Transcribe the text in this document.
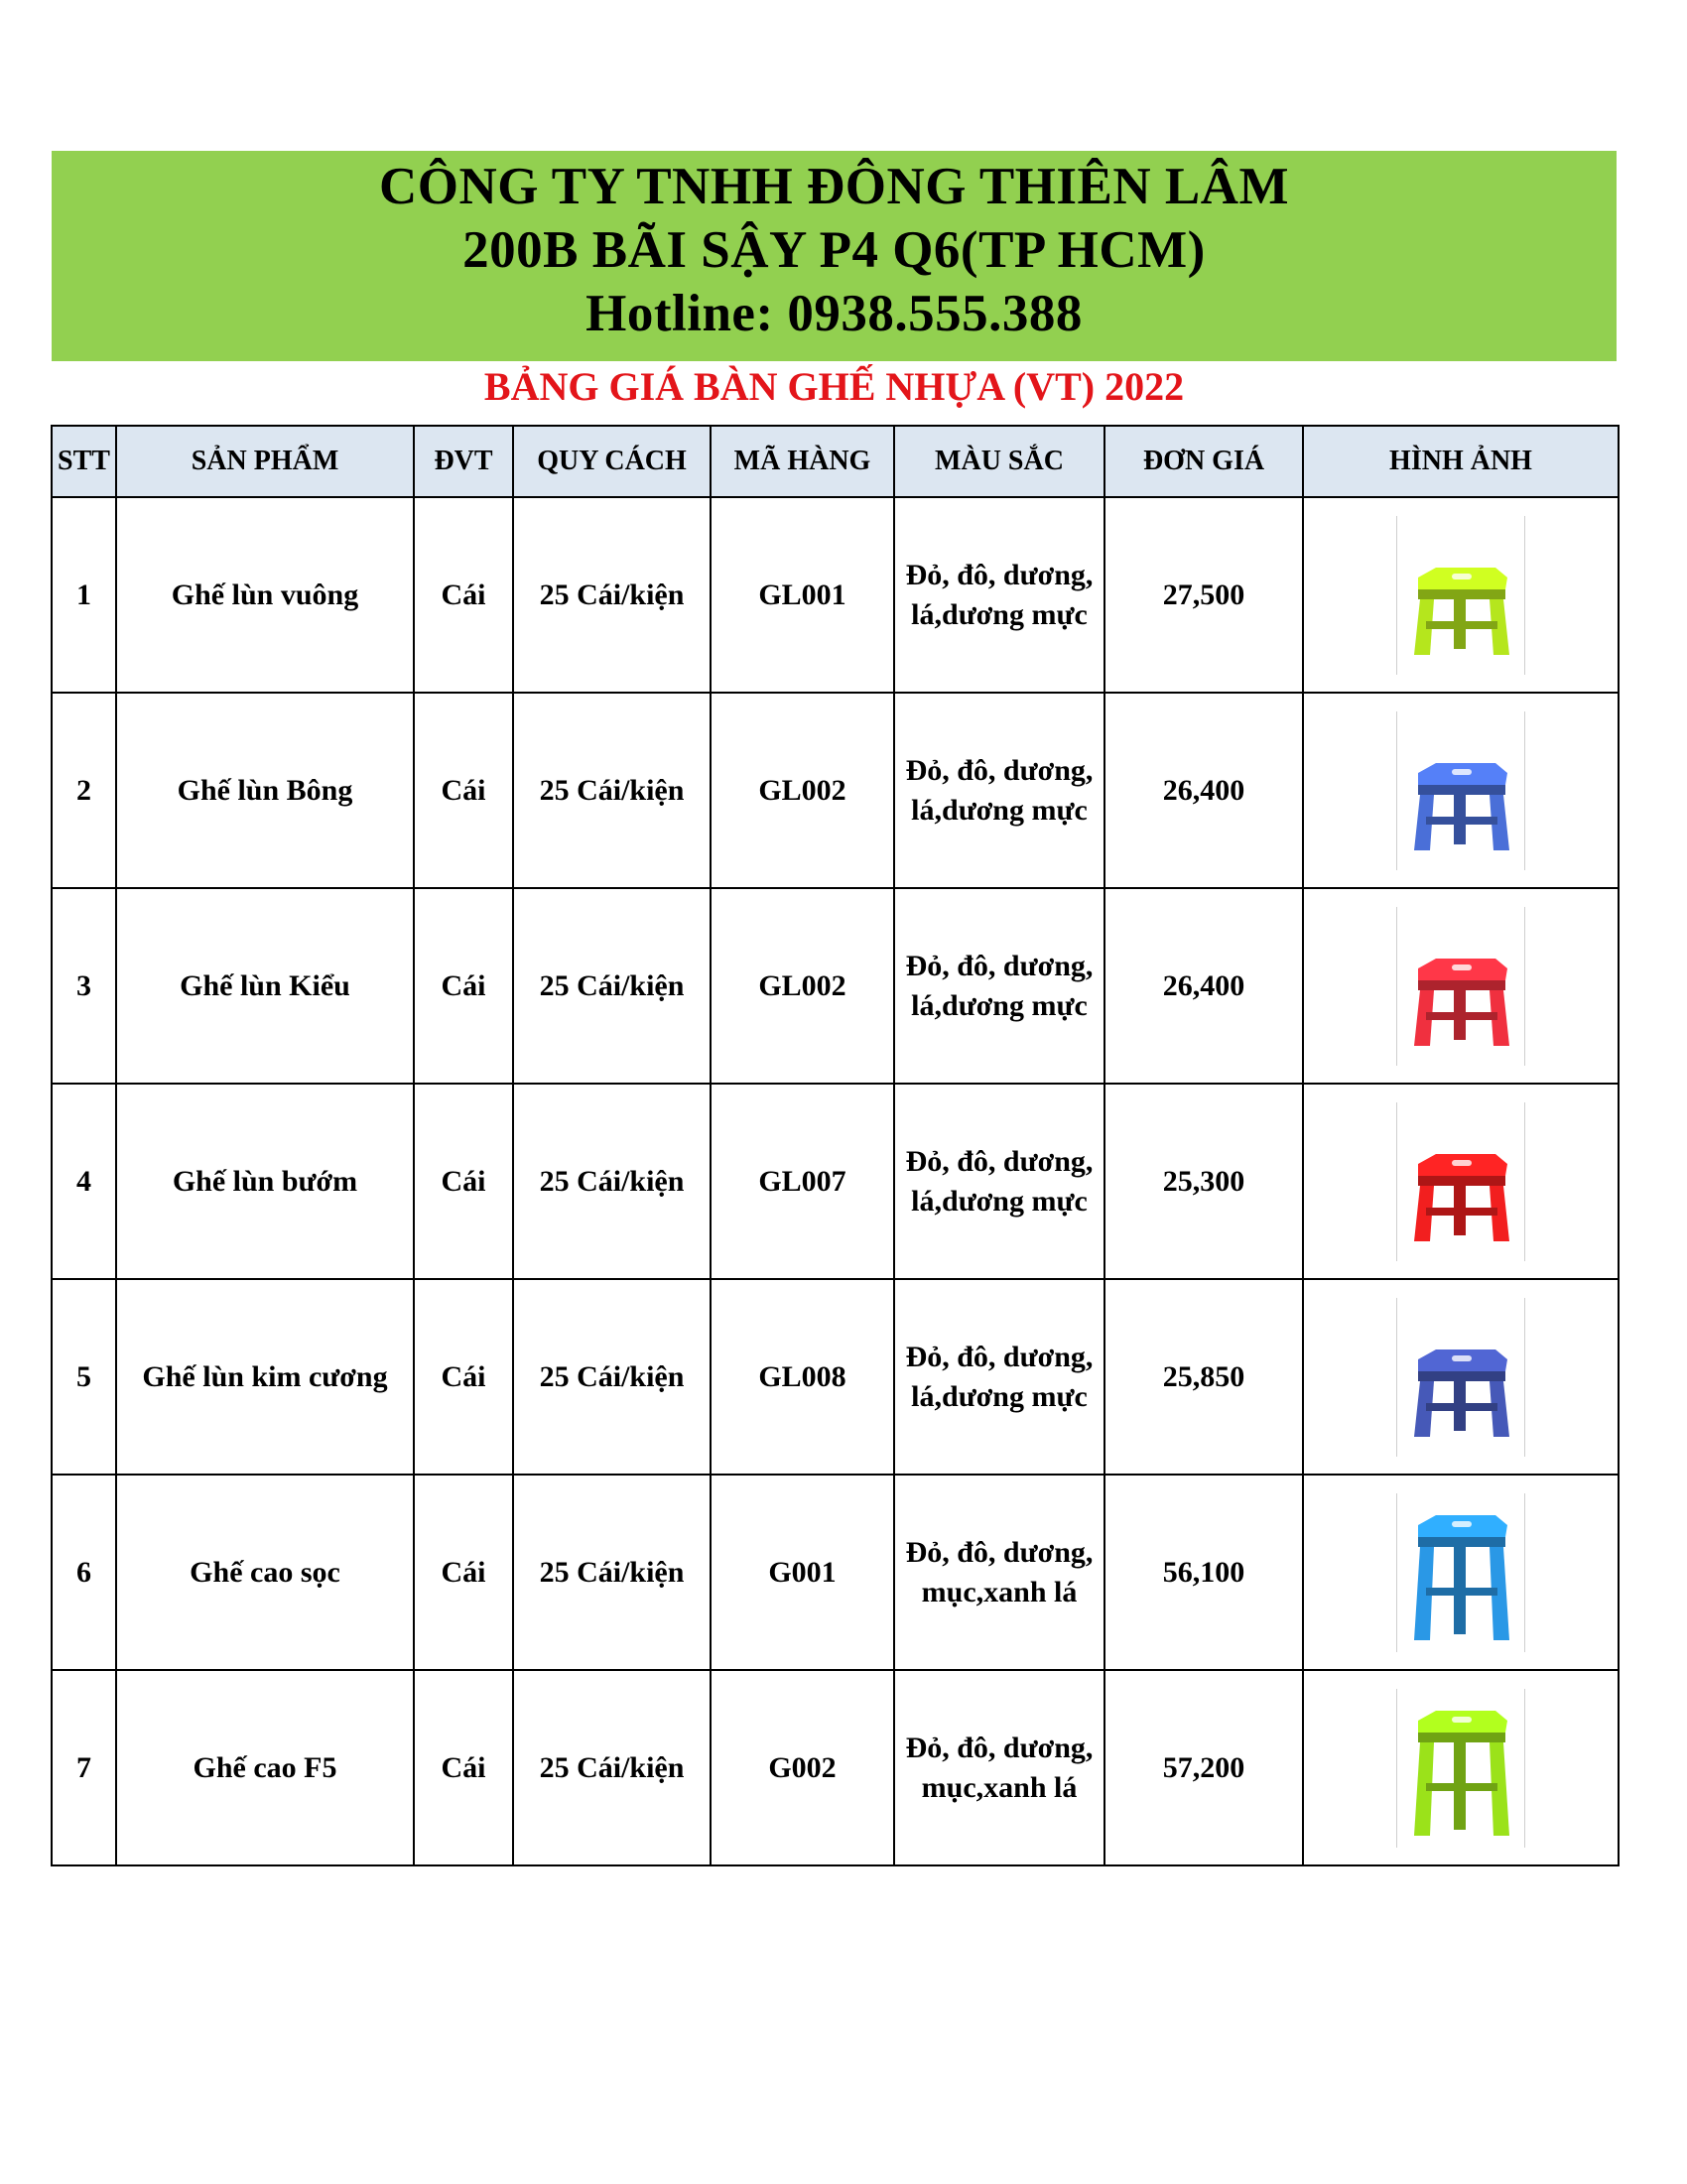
CÔNG TY TNHH ĐÔNG THIÊN LÂM
200B BÃI SẬY P4 Q6(TP HCM)
Hotline: 0938.555.388
BẢNG GIÁ BÀN GHẾ NHỰA (VT) 2022
STT	SẢN PHẨM	ĐVT	QUY CÁCH	MÃ HÀNG	MÀU SẮC	ĐƠN GIÁ	HÌNH ẢNH
1	Ghế lùn vuông	Cái	25 Cái/kiện	GL001	Đỏ, đô, dương, lá,dương mực	27,500	

2	Ghế lùn Bông	Cái	25 Cái/kiện	GL002	Đỏ, đô, dương, lá,dương mực	26,400	

3	Ghế lùn Kiểu	Cái	25 Cái/kiện	GL002	Đỏ, đô, dương, lá,dương mực	26,400	

4	Ghế lùn bướm	Cái	25 Cái/kiện	GL007	Đỏ, đô, dương, lá,dương mực	25,300	

5	Ghế lùn kim cương	Cái	25 Cái/kiện	GL008	Đỏ, đô, dương, lá,dương mực	25,850	

6	Ghế cao sọc	Cái	25 Cái/kiện	G001	Đỏ, đô, dương,mục,xanh lá	56,100	

7	Ghế cao F5	Cái	25 Cái/kiện	G002	Đỏ, đô, dương,mục,xanh lá	57,200	
